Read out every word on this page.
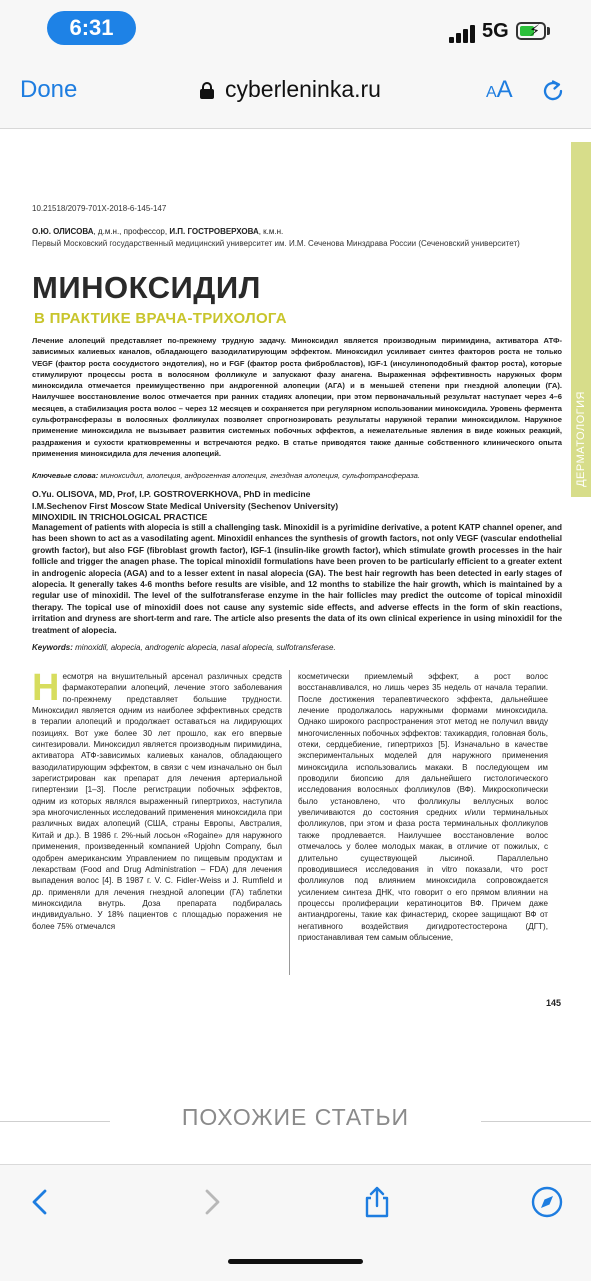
6:31	5G ⚡
Done	cyberleninka.ru	AA
ДЕРМАТОЛОГИЯ
10.21518/2079-701X-2018-6-145-147
О.Ю. ОЛИСОВА, д.м.н., профессор, И.П. ГОСТРОВЕРХОВА, к.м.н.
Первый Московский государственный медицинский университет им. И.М. Сеченова Минздрава России (Сеченовский университет)
МИНОКСИДИЛ
В ПРАКТИКЕ ВРАЧА-ТРИХОЛОГА
Лечение алопеций представляет по-прежнему трудную задачу. Миноксидил является производным пиримидина, активатора АТФ-зависимых калиевых каналов, обладающего вазодилатирующим эффектом. Миноксидил усиливает синтез факторов роста не только VEGF (фактор роста сосудистого эндотелия), но и FGF (фактор роста фибробластов), IGF-1 (инсулиноподобный фактор роста), которые стимулируют процессы роста в волосяном фолликуле и запускают фазу анагена. Выраженная эффективность наружных форм миноксидила отмечается преимущественно при андрогенной алопеции (АГА) и в меньшей степени при гнездной алопеции (ГА). Наилучшее восстановление волос отмечается при ранних стадиях алопеции, при этом первоначальный результат наступает через 4–6 месяцев, а стабилизация роста волос – через 12 месяцев и сохраняется при регулярном использовании миноксидила. Уровень фермента сульфотрансферазы в волосяных фолликулах позволяет спрогнозировать результаты наружной терапии миноксидилом. Наружное применение миноксидила не вызывает развития системных побочных эффектов, а нежелательные явления в виде кожных реакций, раздражения и сухости кратковременны и встречаются редко. В статье приводятся также данные собственного клинического опыта применения миноксидила для лечения алопеций.
Ключевые слова: миноксидил, алопеция, андрогенная алопеция, гнездная алопеция, сульфотрансфераза.
O.Yu. OLISOVA, MD, Prof, I.P. GOSTROVERKHOVA, PhD in medicine
I.M.Sechenov First Moscow State Medical University (Sechenov University)
MINOXIDIL IN TRICHOLOGICAL PRACTICE
Management of patients with alopecia is still a challenging task. Minoxidil is a pyrimidine derivative, a potent KATP channel opener, and has been shown to act as a vasodilating agent. Minoxidil enhances the synthesis of growth factors, not only VEGF (vascular endothelial growth factor), but also FGF (fibroblast growth factor), IGF-1 (insulin-like growth factor), which stimulate growth processes in the hair follicle and trigger the anagen phase. The topical minoxidil formulations have been proven to be particularly efficient to a greater extent in androgenic alopecia (AGA) and to a lesser extent in nasal alopecia (GA). The best hair regrowth has been detected in early stages of alopecia. It generally takes 4-6 months before results are visible, and 12 months to stabilize the hair growth, which is maintained by a regular use of minoxidil. The level of the sulfotransferase enzyme in the hair follicles may predict the outcome of topical minoxidil therapy. The topical use of minoxidil does not cause any systemic side effects, and adverse effects in the form of skin reactions, irritation and dryness are short-term and rare. The article also presents the data of its own clinical experience in using minoxidil for the treatment of alopecia.
Keywords: minoxidil, alopecia, androgenic alopecia, nasal alopecia, sulfotransferase.
Несмотря на внушительный арсенал различных средств фармакотерапии алопеций, лечение этого заболевания по-прежнему представляет большие трудности. Миноксидил является одним из наиболее эффективных средств в терапии алопеций и продолжает оставаться на лидирующих позициях. Вот уже более 30 лет прошло, как его впервые синтезировали. Миноксидил является производным пиримидина, активатора АТФ-зависимых калиевых каналов, обладающего вазодилатирующим эффектом, в связи с чем изначально он был зарегистрирован как препарат для лечения артериальной гипертензии [1–3]. После регистрации побочных эффектов, одним из которых являлся выраженный гипертрихоз, наступила эра многочисленных исследований применения миноксидила при различных видах алопеций (США, страны Европы, Австралия, Китай и др.). В 1986 г. 2%-ный лосьон «Rogaine» для наружного применения, произведенный компанией Upjohn Company, был одобрен американским Управлением по пищевым продуктам и лекарствам (Food and Drug Administration – FDA) для лечения выпадения волос [4]. В 1987 г. V. C. Fidler-Weiss и J. Rumfield и др. применяли для лечения гнездной алопеции (ГА) таблетки миноксидила внутрь. Доза препарата подбиралась индивидуально. У 18% пациентов с площадью поражения не более 75% отмечался
косметически приемлемый эффект, а рост волос восстанавливался, но лишь через 35 недель от начала терапии. После достижения терапевтического эффекта, дальнейшее лечение продолжалось наружными формами миноксидила. Однако широкого распространения этот метод не получил ввиду многочисленных побочных эффектов: тахикардия, головная боль, отеки, сердцебиение, гипертрихоз [5]. Изначально в качестве экспериментальных моделей для наружного применения миноксидила использовались макаки. В последующем им проводили биопсию для дальнейшего гистологического исследования волосяных фолликулов (ВФ). Микроскопически было установлено, что фолликулы веллусных волос увеличиваются до состояния средних и/или терминальных фолликулов, при этом и фаза роста терминальных фолликулов также продлевается. Наилучшее восстановление волос отмечалось у более молодых макак, в отличие от пожилых, с длительно существующей лысиной. Параллельно проводившиеся исследования in vitro показали, что рост фолликулов под влиянием миноксидила сопровождается усилением синтеза ДНК, что говорит о его прямом влиянии на процессы пролиферации кератиноцитов ВФ. Причем даже антиандрогены, такие как финастерид, скорее защищают ВФ от негативного воздействия дигидротестостерона (ДГТ), приостанавливая тем самым облысение,
145
ПОХОЖИЕ СТАТЬИ
